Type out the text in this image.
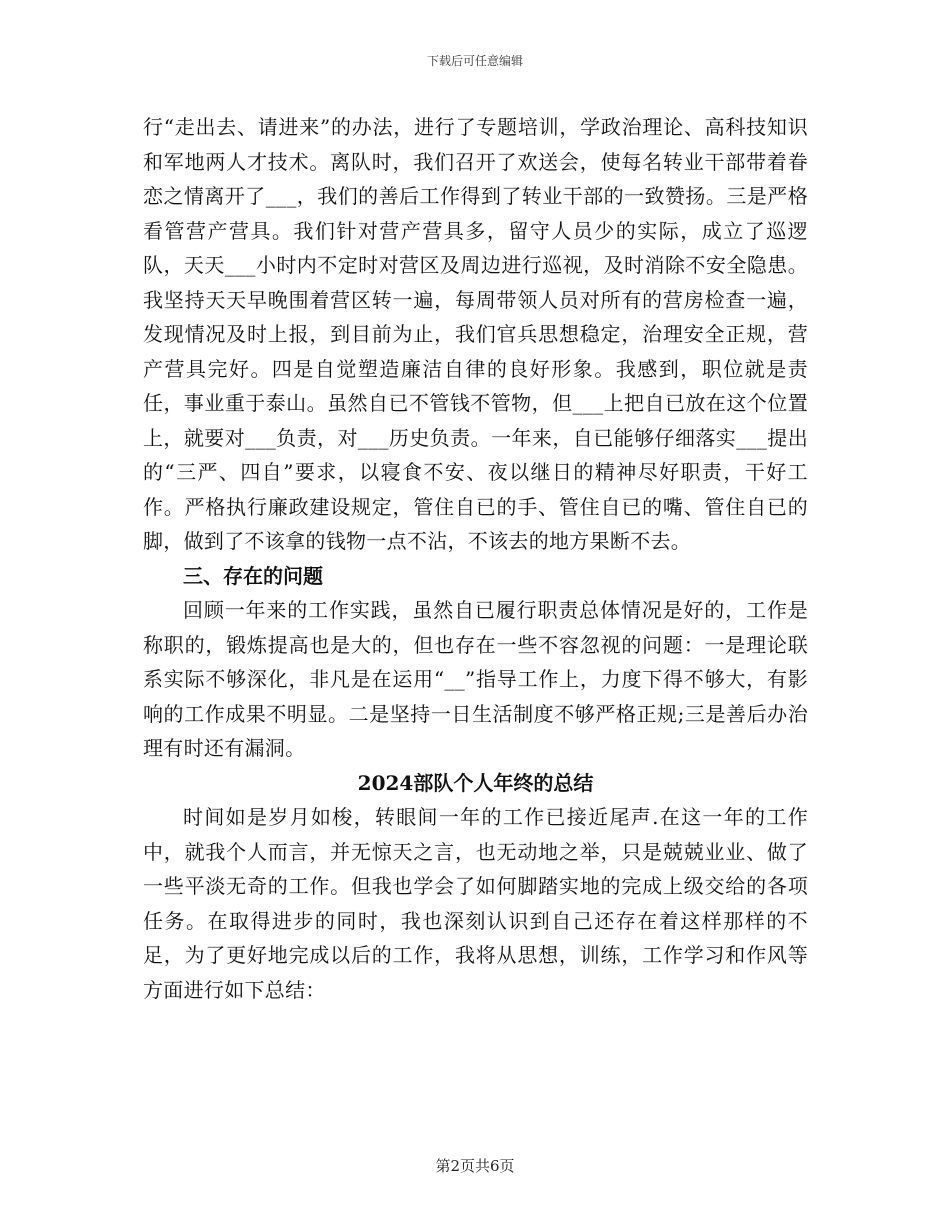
下载后可任意编辑

行“走出去、请进来”的办法，进行了专题培训，学政治理论、高科技知识和军地两人才技术。离队时，我们召开了欢送会，使每名转业干部带着眷恋之情离开了___，我们的善后工作得到了转业干部的一致赞扬。三是严格看管营产营具。我们针对营产营具多，留守人员少的实际，成立了巡逻队，天天___小时内不定时对营区及周边进行巡视，及时消除不安全隐患。我坚持天天早晚围着营区转一遍，每周带领人员对所有的营房检查一遍，发现情况及时上报，到目前为止，我们官兵思想稳定，治理安全正规，营产营具完好。四是自觉塑造廉洁自律的良好形象。我感到，职位就是责任，事业重于泰山。虽然自已不管钱不管物，但___上把自已放在这个位置上，就要对___负责，对___历史负责。一年来，自已能够仔细落实___提出的“三严、四自”要求，以寝食不安、夜以继日的精神尽好职责，干好工作。严格执行廉政建设规定，管住自已的手、管住自已的嘴、管住自已的脚，做到了不该拿的钱物一点不沾，不该去的地方果断不去。

三、存在的问题

回顾一年来的工作实践，虽然自已履行职责总体情况是好的，工作是称职的，锻炼提高也是大的，但也存在一些不容忽视的问题：一是理论联系实际不够深化，非凡是在运用“__”指导工作上，力度下得不够大，有影响的工作成果不明显。二是坚持一日生活制度不够严格正规;三是善后办治理有时还有漏洞。

2024部队个人年终的总结

时间如是岁月如梭，转眼间一年的工作已接近尾声.在这一年的工作中，就我个人而言，并无惊天之言，也无动地之举，只是兢兢业业、做了一些平淡无奇的工作。但我也学会了如何脚踏实地的完成上级交给的各项任务。在取得进步的同时，我也深刻认识到自己还存在着这样那样的不足，为了更好地完成以后的工作，我将从思想，训练，工作学习和作风等方面进行如下总结：

第2页共6页
